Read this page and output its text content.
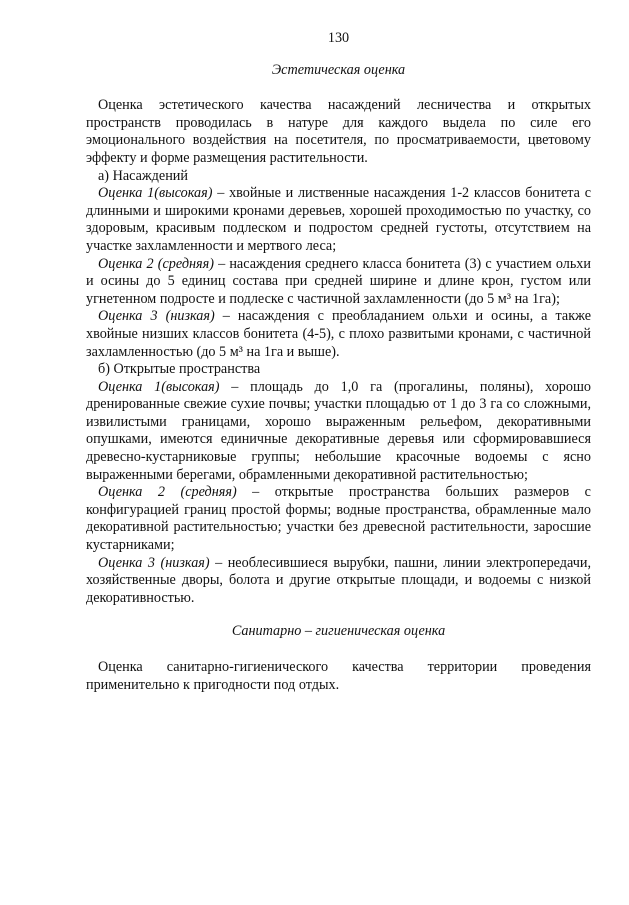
130
Эстетическая оценка

Оценка эстетического качества насаждений лесничества и открытых пространств проводилась в натуре для каждого выдела по силе его эмоционального воздействия на посетителя, по просматриваемости, цветовому эффекту и форме размещения растительности.

а) Насаждений

Оценка 1(высокая) – хвойные и лиственные насаждения 1-2 классов бонитета с длинными и широкими кронами деревьев, хорошей проходимостью по участку, со здоровым, красивым подлеском и подростом средней густоты, отсутствием на участке захламленности и мертвого леса;

Оценка 2 (средняя) – насаждения среднего класса бонитета (3) с участием ольхи и осины до 5 единиц состава при средней ширине и длине крон, густом или угнетенном подросте и подлеске с частичной захламленности (до 5 м³ на 1га);

Оценка 3 (низкая) – насаждения с преобладанием ольхи и осины, а также хвойные низших классов бонитета (4-5), с плохо развитыми кронами, с частичной захламленностью (до 5 м³ на 1га и выше).

б) Открытые пространства

Оценка 1(высокая) – площадь до 1,0 га (прогалины, поляны), хорошо дренированные свежие сухие почвы; участки площадью от 1 до 3 га со сложными, извилистыми границами, хорошо выраженным рельефом, декоративными опушками, имеются единичные декоративные деревья или сформировавшиеся древесно-кустарниковые группы; небольшие красочные водоемы с ясно выраженными берегами, обрамленными декоративной растительностью;

Оценка 2 (средняя) – открытые пространства больших размеров с конфигурацией границ простой формы; водные пространства, обрамленные мало декоративной растительностью; участки без древесной растительности, заросшие кустарниками;

Оценка 3 (низкая) – необлесившиеся вырубки, пашни, линии электропередачи, хозяйственные дворы, болота и другие открытые площади, и водоемы с низкой декоративностью.

Санитарно – гигиеническая оценка

Оценка санитарно-гигиенического качества территории проведения применительно к пригодности под отдых.
